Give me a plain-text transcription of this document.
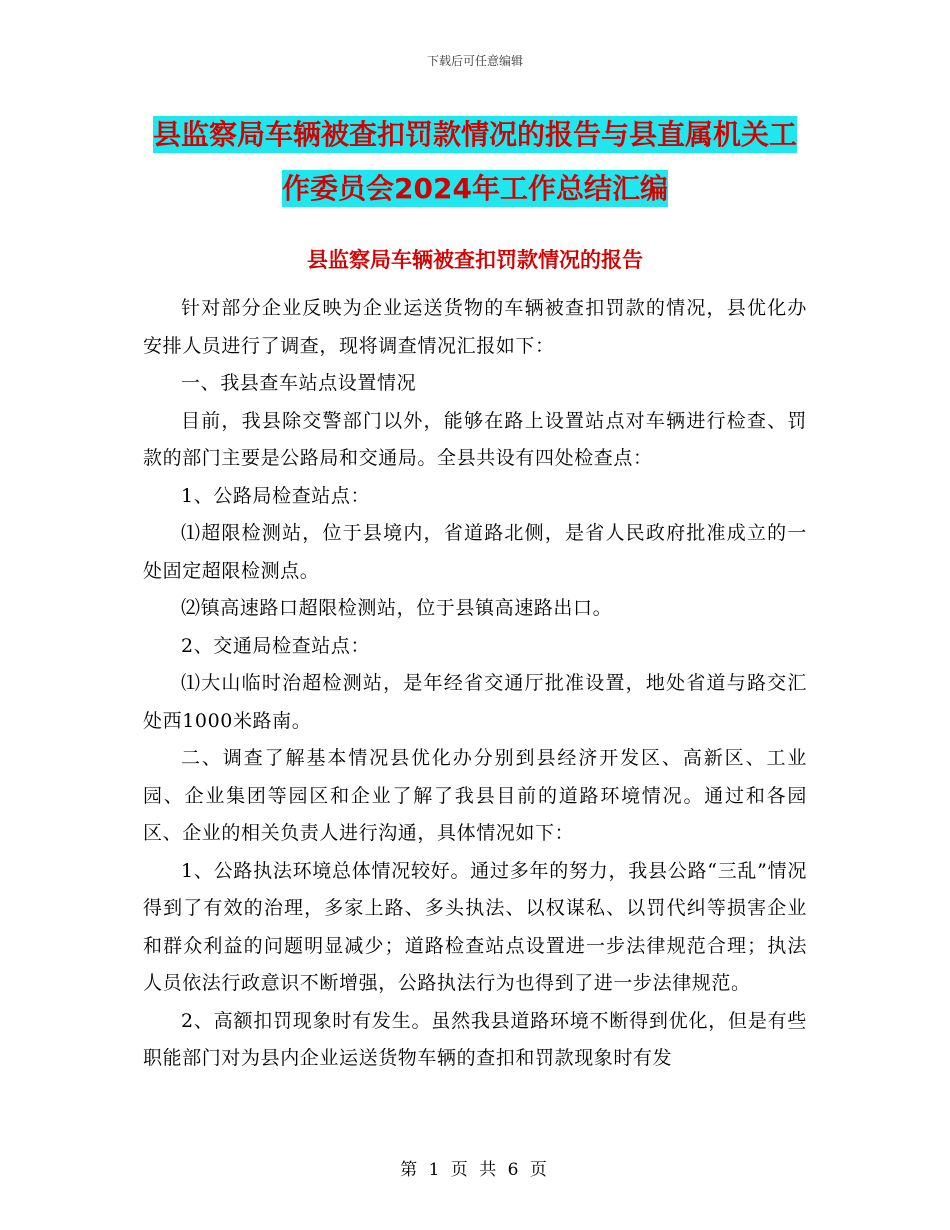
下载后可任意编辑
县监察局车辆被查扣罚款情况的报告与县直属机关工
作委员会2024年工作总结汇编
县监察局车辆被查扣罚款情况的报告

针对部分企业反映为企业运送货物的车辆被查扣罚款的情况，县优化办安排人员进行了调查，现将调查情况汇报如下：

一、我县查车站点设置情况

目前，我县除交警部门以外，能够在路上设置站点对车辆进行检查、罚款的部门主要是公路局和交通局。全县共设有四处检查点：

1、公路局检查站点：

⑴超限检测站，位于县境内，省道路北侧，是省人民政府批准成立的一处固定超限检测点。

⑵镇高速路口超限检测站，位于县镇高速路出口。

2、交通局检查站点：

⑴大山临时治超检测站，是年经省交通厅批准设置，地处省道与路交汇处西1000米路南。

二、调查了解基本情况县优化办分别到县经济开发区、高新区、工业园、企业集团等园区和企业了解了我县目前的道路环境情况。通过和各园区、企业的相关负责人进行沟通，具体情况如下：

1、公路执法环境总体情况较好。通过多年的努力，我县公路“三乱”情况得到了有效的治理，多家上路、多头执法、以权谋私、以罚代纠等损害企业和群众利益的问题明显减少；道路检查站点设置进一步法律规范合理；执法人员依法行政意识不断增强，公路执法行为也得到了进一步法律规范。

2、高额扣罚现象时有发生。虽然我县道路环境不断得到优化，但是有些职能部门对为县内企业运送货物车辆的查扣和罚款现象时有发

第 1 页 共 6 页
